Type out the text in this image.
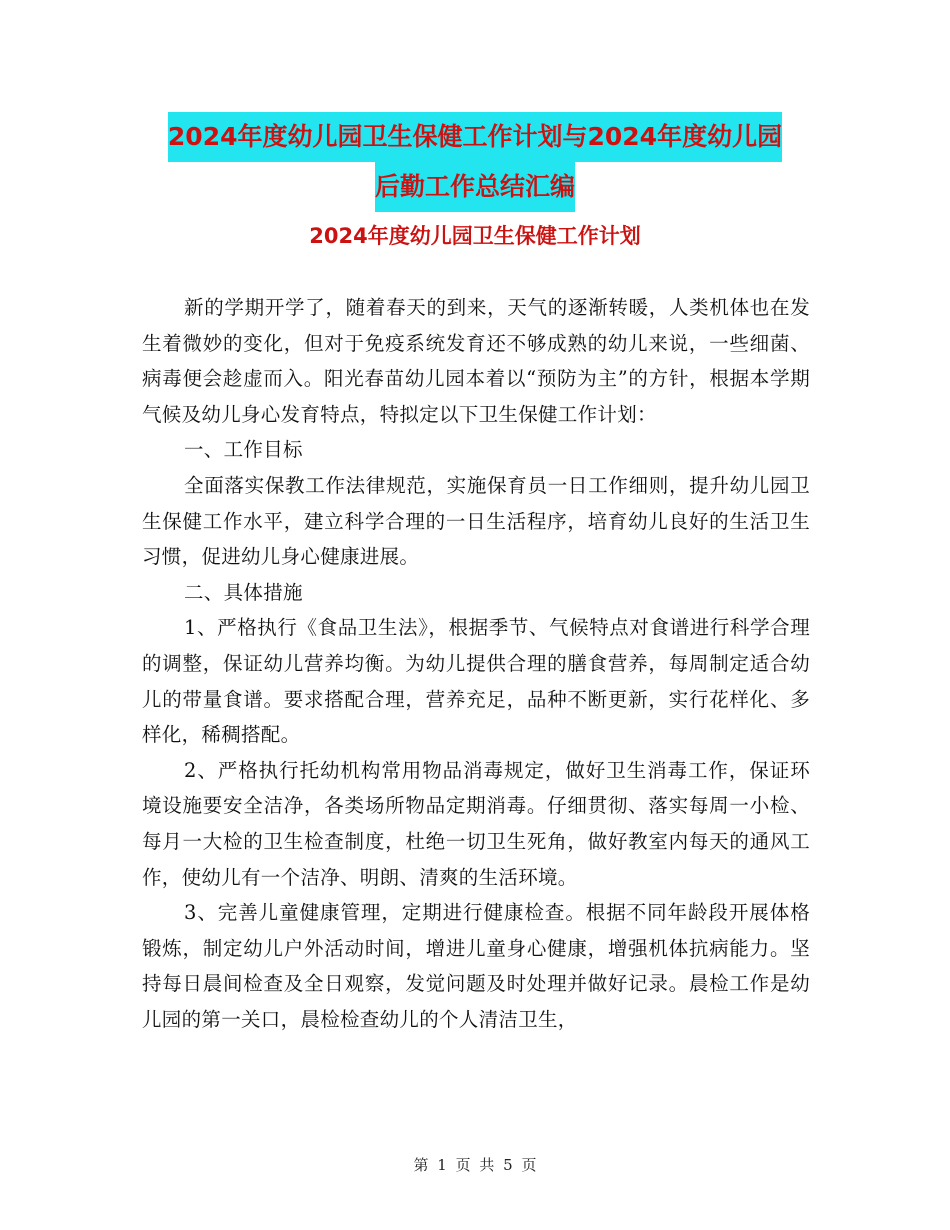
2024年度幼儿园卫生保健工作计划与2024年度幼儿园
后勤工作总结汇编
2024年度幼儿园卫生保健工作计划

新的学期开学了，随着春天的到来，天气的逐渐转暖，人类机体也在发生着微妙的变化，但对于免疫系统发育还不够成熟的幼儿来说，一些细菌、病毒便会趁虚而入。阳光春苗幼儿园本着以“预防为主”的方针，根据本学期气候及幼儿身心发育特点，特拟定以下卫生保健工作计划：

一、工作目标

全面落实保教工作法律规范，实施保育员一日工作细则，提升幼儿园卫生保健工作水平，建立科学合理的一日生活程序，培育幼儿良好的生活卫生习惯，促进幼儿身心健康进展。

二、具体措施

1、严格执行《食品卫生法》，根据季节、气候特点对食谱进行科学合理的调整，保证幼儿营养均衡。为幼儿提供合理的膳食营养，每周制定适合幼儿的带量食谱。要求搭配合理，营养充足，品种不断更新，实行花样化、多样化，稀稠搭配。

2、严格执行托幼机构常用物品消毒规定，做好卫生消毒工作，保证环境设施要安全洁净，各类场所物品定期消毒。仔细贯彻、落实每周一小检、每月一大检的卫生检查制度，杜绝一切卫生死角，做好教室内每天的通风工作，使幼儿有一个洁净、明朗、清爽的生活环境。

3、完善儿童健康管理，定期进行健康检查。根据不同年龄段开展体格锻炼，制定幼儿户外活动时间，增进儿童身心健康，增强机体抗病能力。坚持每日晨间检查及全日观察，发觉问题及时处理并做好记录。晨检工作是幼儿园的第一关口，晨检检查幼儿的个人清洁卫生，

第 1 页 共 5 页
